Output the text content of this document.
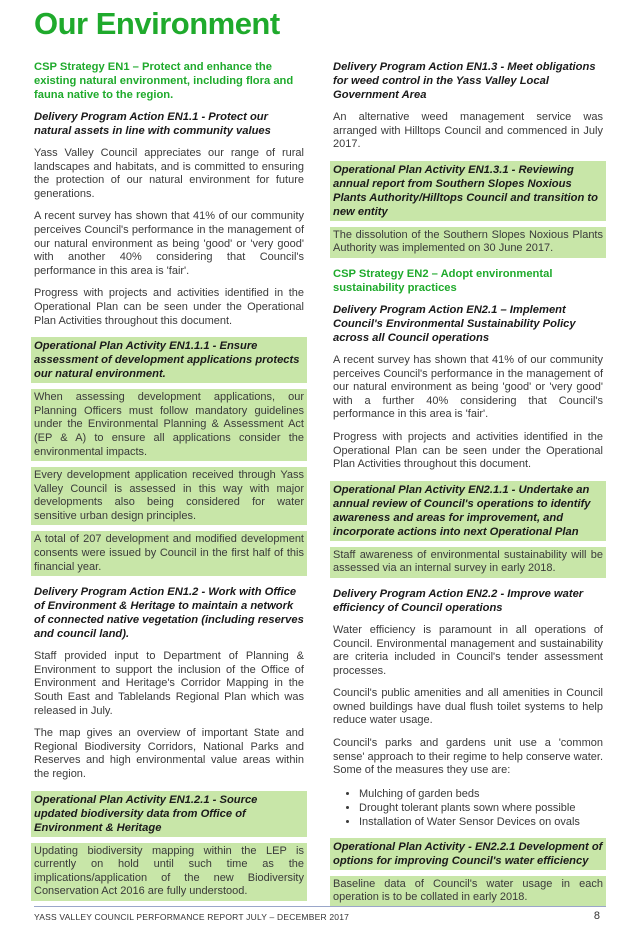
Our Environment
CSP Strategy EN1 – Protect and enhance the existing natural environment, including flora and fauna native to the region.
Delivery Program Action EN1.1 - Protect our natural assets in line with community values

Yass Valley Council appreciates our range of rural landscapes and habitats, and is committed to ensuring the protection of our natural environment for future generations.

A recent survey has shown that 41% of our community perceives Council's performance in the management of our natural environment as being 'good' or 'very good' with another 40% considering that Council's performance in this area is 'fair'.

Progress with projects and activities identified in the Operational Plan can be seen under the Operational Plan Activities throughout this document.

Operational Plan Activity EN1.1.1 - Ensure assessment of development applications protects our natural environment.

When assessing development applications, our Planning Officers must follow mandatory guidelines under the Environmental Planning & Assessment Act (EP & A) to ensure all applications consider the environmental impacts.

Every development application received through Yass Valley Council is assessed in this way with major developments also being considered for water sensitive urban design principles.

A total of 207 development and modified development consents were issued by Council in the first half of this financial year.

Delivery Program Action EN1.2 - Work with Office of Environment & Heritage to maintain a network of connected native vegetation (including reserves and council land).

Staff provided input to Department of Planning & Environment to support the inclusion of the Office of Environment and Heritage's Corridor Mapping in the South East and Tablelands Regional Plan which was released in July.

The map gives an overview of important State and Regional Biodiversity Corridors, National Parks and Reserves and high environmental value areas within the region.

Operational Plan Activity EN1.2.1 - Source updated biodiversity data from Office of Environment & Heritage

Updating biodiversity mapping within the LEP is currently on hold until such time as the implications/application of the new Biodiversity Conservation Act 2016 are fully understood.

Delivery Program Action EN1.3 - Meet obligations for weed control in the Yass Valley Local Government Area

An alternative weed management service was arranged with Hilltops Council and commenced in July 2017.

Operational Plan Activity EN1.3.1 - Reviewing annual report from Southern Slopes Noxious Plants Authority/Hilltops Council and transition to new entity

The dissolution of the Southern Slopes Noxious Plants Authority was implemented on 30 June 2017.

CSP Strategy EN2 – Adopt environmental sustainability practices
Delivery Program Action EN2.1 – Implement Council's Environmental Sustainability Policy across all Council operations

A recent survey has shown that 41% of our community perceives Council's performance in the management of our natural environment as being 'good' or 'very good' with a further 40% considering that Council's performance in this area is 'fair'.

Progress with projects and activities identified in the Operational Plan can be seen under the Operational Plan Activities throughout this document.

Operational Plan Activity EN2.1.1 - Undertake an annual review of Council's operations to identify awareness and areas for improvement, and incorporate actions into next Operational Plan

Staff awareness of environmental sustainability will be assessed via an internal survey in early 2018.

Delivery Program Action EN2.2 - Improve water efficiency of Council operations

Water efficiency is paramount in all operations of Council. Environmental management and sustainability are criteria included in Council's tender assessment processes.

Council's public amenities and all amenities in Council owned buildings have dual flush toilet systems to help reduce water usage.

Council's parks and gardens unit use a 'common sense' approach to their regime to help conserve water. Some of the measures they use are:

• Mulching of garden beds
• Drought tolerant plants sown where possible
• Installation of Water Sensor Devices on ovals
Operational Plan Activity - EN2.2.1 Development of options for improving Council's water efficiency

Baseline data of Council's water usage in each operation is to be collated in early 2018.

YASS VALLEY COUNCIL PERFORMANCE REPORT JULY – DECEMBER 2017	8
